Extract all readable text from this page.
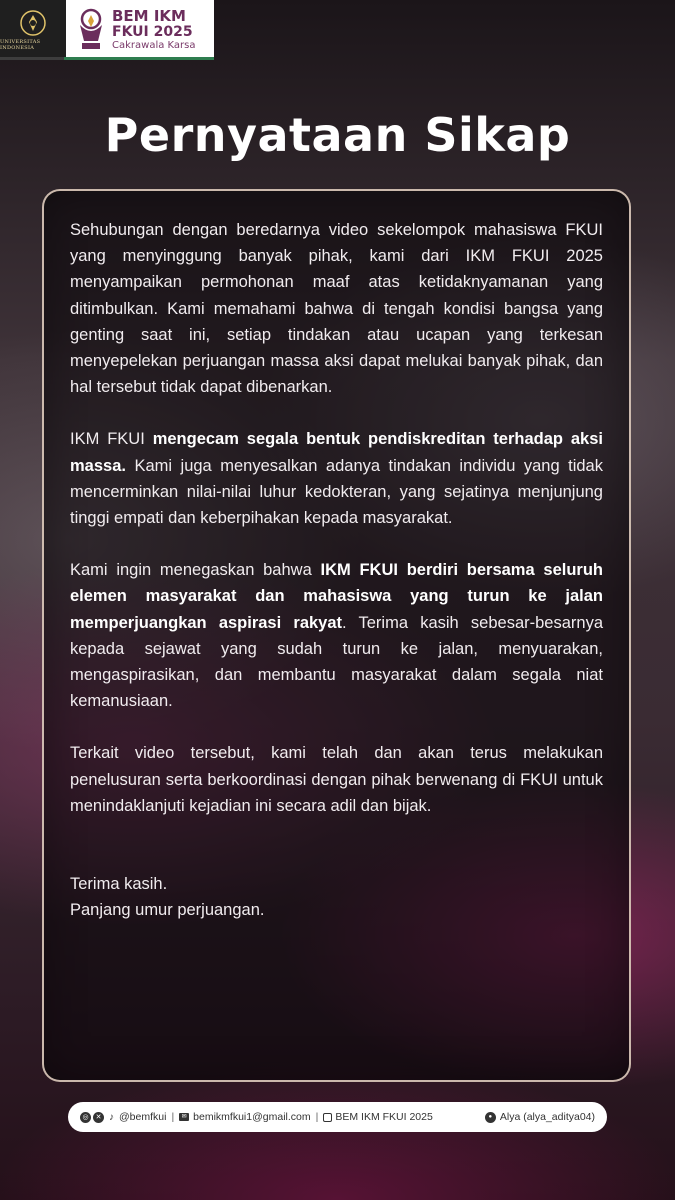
UNIVERSITAS INDONESIA
BEM IKM
FKUI 2025
Cakrawala Karsa
Pernyataan Sikap

Sehubungan dengan beredarnya video sekelompok mahasiswa FKUI yang menyinggung banyak pihak, kami dari IKM FKUI 2025 menyampaikan permohonan maaf atas ketidaknyamanan yang ditimbulkan. Kami memahami bahwa di tengah kondisi bangsa yang genting saat ini, setiap tindakan atau ucapan yang terkesan menyepelekan perjuangan massa aksi dapat melukai banyak pihak, dan hal tersebut tidak dapat dibenarkan.

IKM FKUI mengecam segala bentuk pendiskreditan terhadap aksi massa. Kami juga menyesalkan adanya tindakan individu yang tidak mencerminkan nilai-nilai luhur kedokteran, yang sejatinya menjunjung tinggi empati dan keberpihakan kepada masyarakat.

Kami ingin menegaskan bahwa IKM FKUI berdiri bersama seluruh elemen masyarakat dan mahasiswa yang turun ke jalan memperjuangkan aspirasi rakyat. Terima kasih sebesar-besarnya kepada sejawat yang sudah turun ke jalan, menyuarakan, mengaspirasikan, dan membantu masyarakat dalam segala niat kemanusiaan.

Terkait video tersebut, kami telah dan akan terus melakukan penelusuran serta berkoordinasi dengan pihak berwenang di FKUI untuk menindaklanjuti kejadian ini secara adil dan bijak.

Terima kasih.
Panjang umur perjuangan.
◎	✕ ♪ @bemfkui |	✉ bemikmfkui1@gmail.com | BEM IKM FKUI 2025	● Alya (alya_aditya04)
